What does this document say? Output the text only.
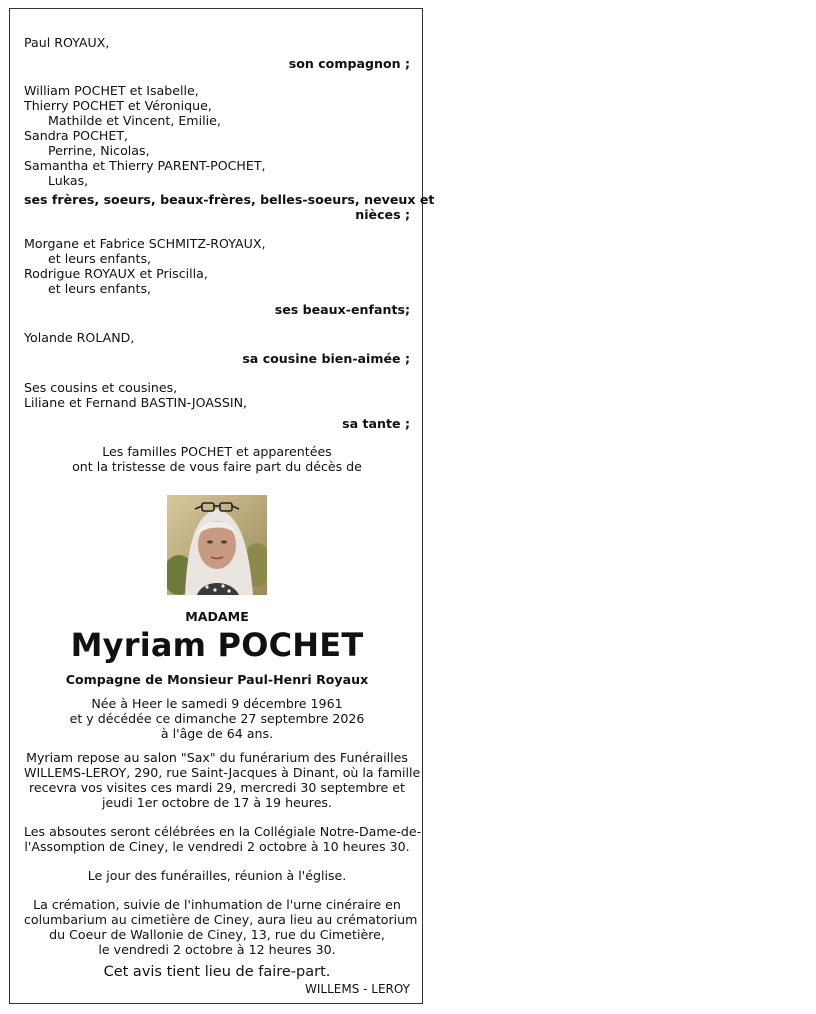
Paul ROYAUX,
son compagnon ;
William POCHET et Isabelle,
Thierry POCHET et Véronique,
Mathilde et Vincent, Emilie,
Sandra POCHET,
Perrine, Nicolas,
Samantha et Thierry PARENT-POCHET,
Lukas,
ses frères, soeurs, beaux-frères, belles-soeurs, neveux et
nièces ;
Morgane et Fabrice SCHMITZ-ROYAUX,
et leurs enfants,
Rodrigue ROYAUX et Priscilla,
et leurs enfants,
ses beaux-enfants;
Yolande ROLAND,
sa cousine bien-aimée ;
Ses cousins et cousines,
Liliane et Fernand BASTIN-JOASSIN,
sa tante ;
Les familles POCHET et apparentées
ont la tristesse de vous faire part du décès de
MADAME
Myriam POCHET
Compagne de Monsieur Paul-Henri Royaux
Née à Heer le samedi 9 décembre 1961
et y décédée ce dimanche 27 septembre 2026
à l'âge de 64 ans.
Myriam repose au salon "Sax" du funérarium des Funérailles
WILLEMS-LEROY, 290, rue Saint-Jacques à Dinant, où la famille
recevra vos visites ces mardi 29, mercredi 30 septembre et
jeudi 1er octobre de 17 à 19 heures.
Les absoutes seront célébrées en la Collégiale Notre-Dame-de-
l'Assomption de Ciney, le vendredi 2 octobre à 10 heures 30.
Le jour des funérailles, réunion à l'église.
La crémation, suivie de l'inhumation de l'urne cinéraire en
columbarium au cimetière de Ciney, aura lieu au crématorium
du Coeur de Wallonie de Ciney, 13, rue du Cimetière,
le vendredi 2 octobre à 12 heures 30.
Cet avis tient lieu de faire-part.
WILLEMS - LEROY
